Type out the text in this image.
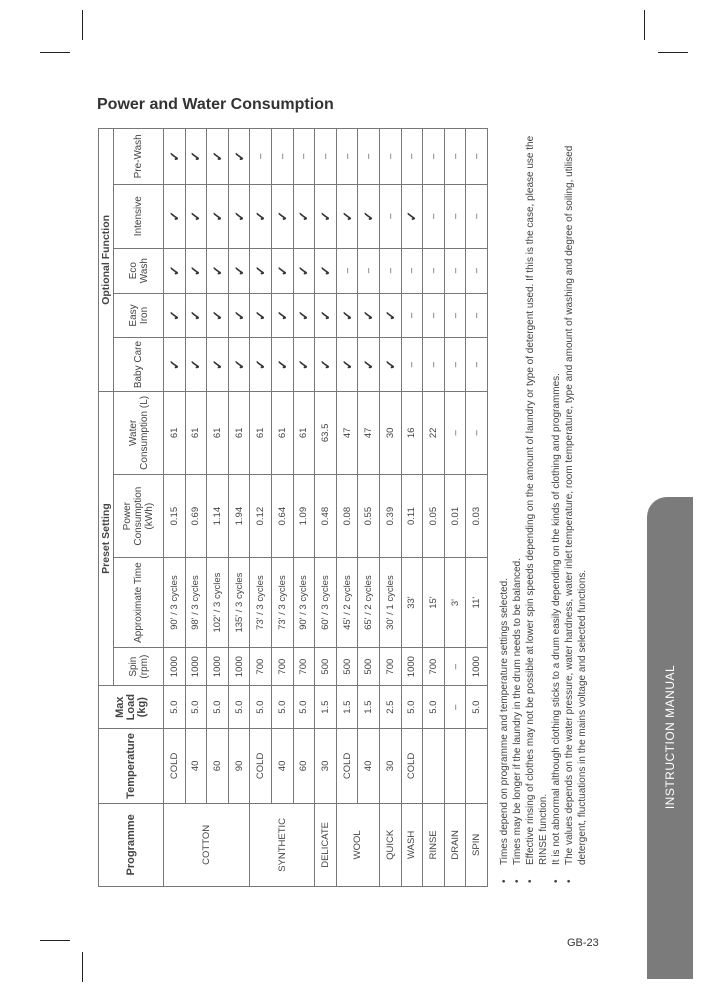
Power and Water Consumption
Programme	Temperature	Max Load (kg)	Preset Setting				Optional Function				
			Spin (rpm)	Approximate Time	Power Consumption (kWh)	Water Consumption (L)	Baby Care	Easy Iron	Eco Wash	Intensive	Pre-Wash
COTTON	COLD	5.0	1000	90' / 3 cycles	0.15	61	✓	✓	✓	✓	✓
	40	5.0	1000	98' / 3 cycles	0.69	61	✓	✓	✓	✓	✓
	60	5.0	1000	102' / 3 cycles	1.14	61	✓	✓	✓	✓	✓
	90	5.0	1000	135' / 3 cycles	1.94	61	✓	✓	✓	✓	✓
SYNTHETIC	COLD	5.0	700	73' / 3 cycles	0.12	61	✓	✓	✓	✓	–
	40	5.0	700	73' / 3 cycles	0.64	61	✓	✓	✓	✓	–
	60	5.0	700	90' / 3 cycles	1.09	61	✓	✓	✓	✓	–
DELICATE	30	1.5	500	60' / 3 cycles	0.48	63.5	✓	✓	✓	✓	–
WOOL	COLD	1.5	500	45' / 2 cycles	0.08	47	✓	✓	–	✓	–
	40	1.5	500	65' / 2 cycles	0.55	47	✓	✓	–	✓	–
QUICK	30	2.5	700	30' / 1 cycles	0.39	30	✓	✓	–	–	–
WASH	COLD	5.0	1000	33'	0.11	16	–	–	–	✓	–
RINSE		5.0	700	15'	0.05	22	–	–	–	–	–
DRAIN		–	–	3'	0.01	–	–	–	–	–	–
SPIN		5.0	1000	11'	0.03	–	–	–	–	–	–
•
Times depend on programme and temperature settings selected.
•
Times may be longer if the laundry in the drum needs to be balanced.
•
Effective rinsing of clothes may not be possible at lower spin speeds depending on the amount of laundry or type of detergent used. If this is the case, please use the RINSE function.
•
It is not abnormal although clothing sticks to a drum easily depending on the kinds of clothing and programmes.
•
The values depends on the water pressure, water hardness, water inlet temperature, room temperature, type and amount of washing and degree of soiling, utilised detergent, fluctuations in the mains voltage and selected functions.	INSTRUCTION MANUAL
GB-23
